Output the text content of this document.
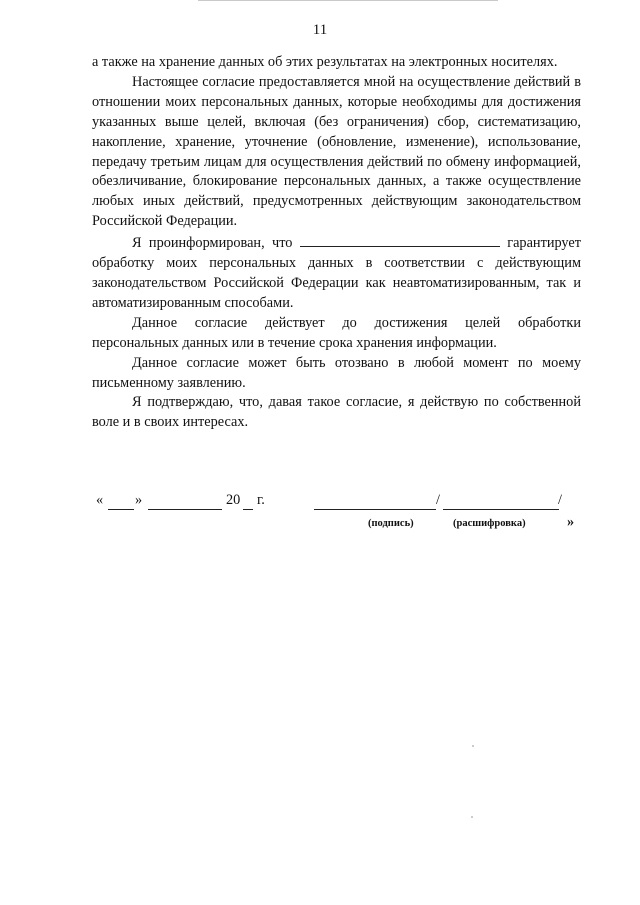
11

а также на хранение данных об этих результатах на электронных носителях.

Настоящее согласие предоставляется мной на осуществление действий в отношении моих персональных данных, которые необходимы для достижения указанных выше целей, включая (без ограничения) сбор, систематизацию, накопление, хранение, уточнение (обновление, изменение), использование, передачу третьим лицам для осуществления действий по обмену информацией, обезличивание, блокирование персональных данных, а также осуществление любых иных действий, предусмотренных действующим законодательством Российской Федерации.

Я проинформирован, что	гарантирует обработку моих персональных данных в соответствии с действующим законодательством Российской Федерации как неавтоматизированным, так и автоматизированным способами.

Данное согласие действует до достижения целей обработки персональных данных или в течение срока хранения информации.

Данное согласие может быть отозвано в любой момент по моему письменному заявлению.

Я подтверждаю, что, давая такое согласие, я действую по собственной воле и в своих интересах.

« »	20 г.	/	/
(подпись)	(расшифровка)	»
